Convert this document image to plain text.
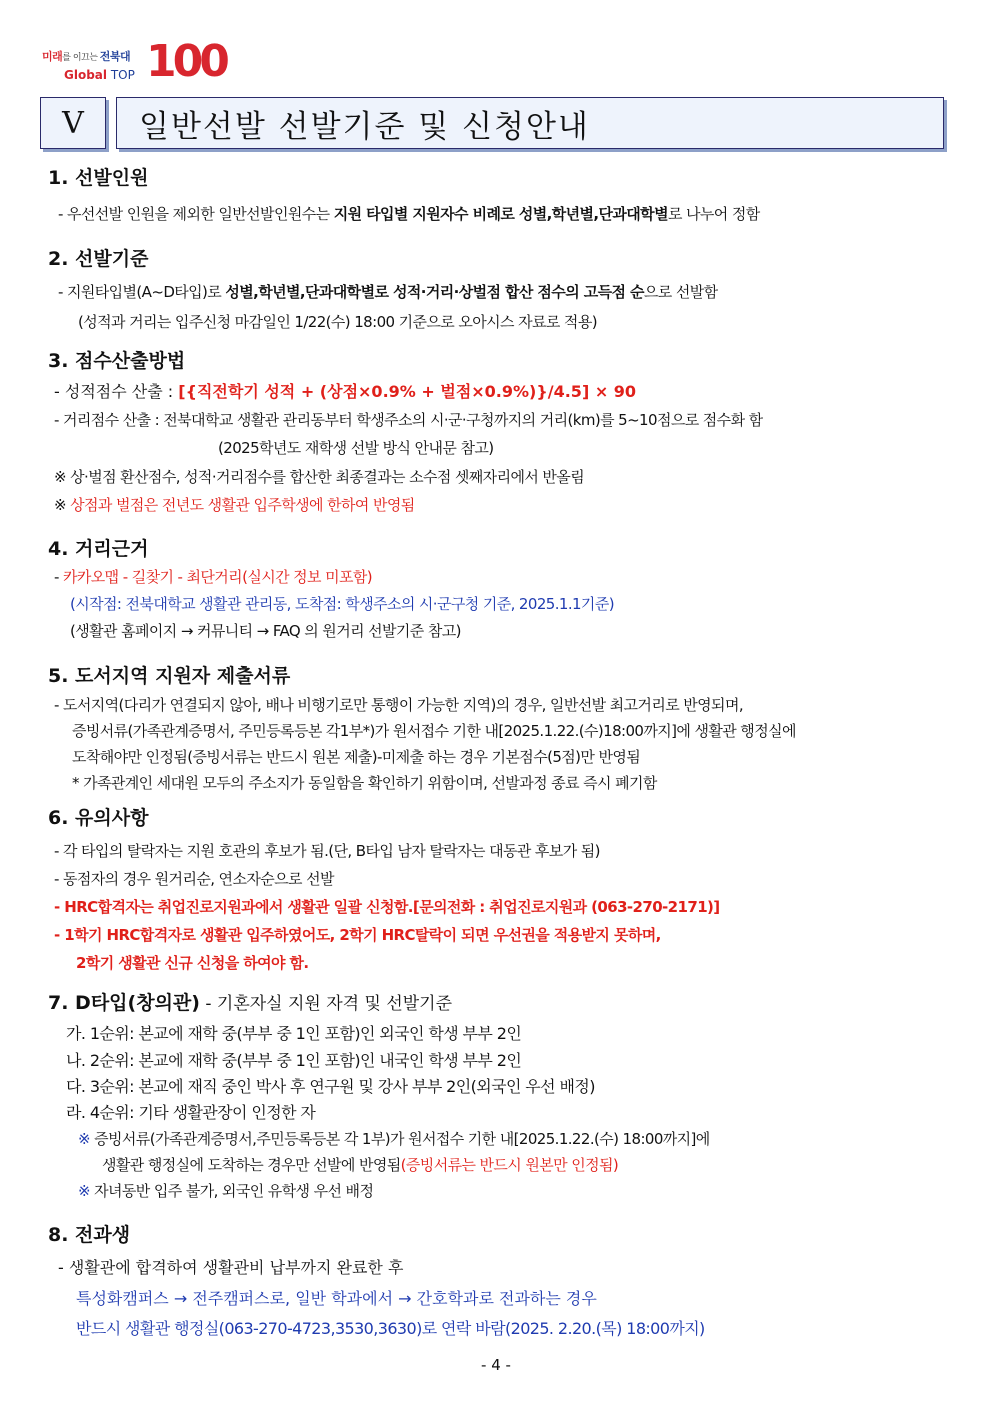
미래를 이끄는 전북대
Global TOP 100
V	일반선발 선발기준 및 신청안내
1. 선발인원
- 우선선발 인원을 제외한 일반선발인원수는 지원 타입별 지원자수 비례로 성별,학년별,단과대학별로 나누어 정함
2. 선발기준
- 지원타입별(A~D타입)로 성별,학년별,단과대학별로 성적·거리·상벌점 합산 점수의 고득점 순으로 선발함
(성적과 거리는 입주신청 마감일인 1/22(수) 18:00 기준으로 오아시스 자료로 적용)
3. 점수산출방법
- 성적점수 산출 : [{직전학기 성적 + (상점×0.9% + 벌점×0.9%)}/4.5] × 90
- 거리점수 산출 : 전북대학교 생활관 관리동부터 학생주소의 시·군·구청까지의 거리(km)를 5~10점으로 점수화 함
(2025학년도 재학생 선발 방식 안내문 참고)
※ 상·벌점 환산점수, 성적·거리점수를 합산한 최종결과는 소수점 셋째자리에서 반올림
※ 상점과 벌점은 전년도 생활관 입주학생에 한하여 반영됨
4. 거리근거
- 카카오맵 - 길찾기 - 최단거리(실시간 정보 미포함)
(시작점: 전북대학교 생활관 관리동, 도착점: 학생주소의 시·군구청 기준, 2025.1.1기준)
(생활관 홈페이지 → 커뮤니티 → FAQ 의 원거리 선발기준 참고)
5. 도서지역 지원자 제출서류
- 도서지역(다리가 연결되지 않아, 배나 비행기로만 통행이 가능한 지역)의 경우, 일반선발 최고거리로 반영되며,
증빙서류(가족관계증명서, 주민등록등본 각1부*)가 원서접수 기한 내[2025.1.22.(수)18:00까지]에 생활관 행정실에
도착해야만 인정됨(증빙서류는 반드시 원본 제출)-미제출 하는 경우 기본점수(5점)만 반영됨
* 가족관계인 세대원 모두의 주소지가 동일함을 확인하기 위함이며, 선발과정 종료 즉시 폐기함
6. 유의사항
- 각 타입의 탈락자는 지원 호관의 후보가 됨.(단, B타입 남자 탈락자는 대동관 후보가 됨)
- 동점자의 경우 원거리순, 연소자순으로 선발
- HRC합격자는 취업진로지원과에서 생활관 일괄 신청함.[문의전화 : 취업진로지원과 (063-270-2171)]
- 1학기 HRC합격자로 생활관 입주하였어도, 2학기 HRC탈락이 되면 우선권을 적용받지 못하며,
2학기 생활관 신규 신청을 하여야 함.
7. D타입(창의관) - 기혼자실 지원 자격 및 선발기준
가. 1순위: 본교에 재학 중(부부 중 1인 포함)인 외국인 학생 부부 2인
나. 2순위: 본교에 재학 중(부부 중 1인 포함)인 내국인 학생 부부 2인
다. 3순위: 본교에 재직 중인 박사 후 연구원 및 강사 부부 2인(외국인 우선 배정)
라. 4순위: 기타 생활관장이 인정한 자
※ 증빙서류(가족관계증명서,주민등록등본 각 1부)가 원서접수 기한 내[2025.1.22.(수) 18:00까지]에
생활관 행정실에 도착하는 경우만 선발에 반영됨(증빙서류는 반드시 원본만 인정됨)
※ 자녀동반 입주 불가, 외국인 유학생 우선 배정
8. 전과생
- 생활관에 합격하여 생활관비 납부까지 완료한 후
특성화캠퍼스 → 전주캠퍼스로, 일반 학과에서 → 간호학과로 전과하는 경우
반드시 생활관 행정실(063-270-4723,3530,3630)로 연락 바람(2025. 2.20.(목) 18:00까지)
- 4 -
